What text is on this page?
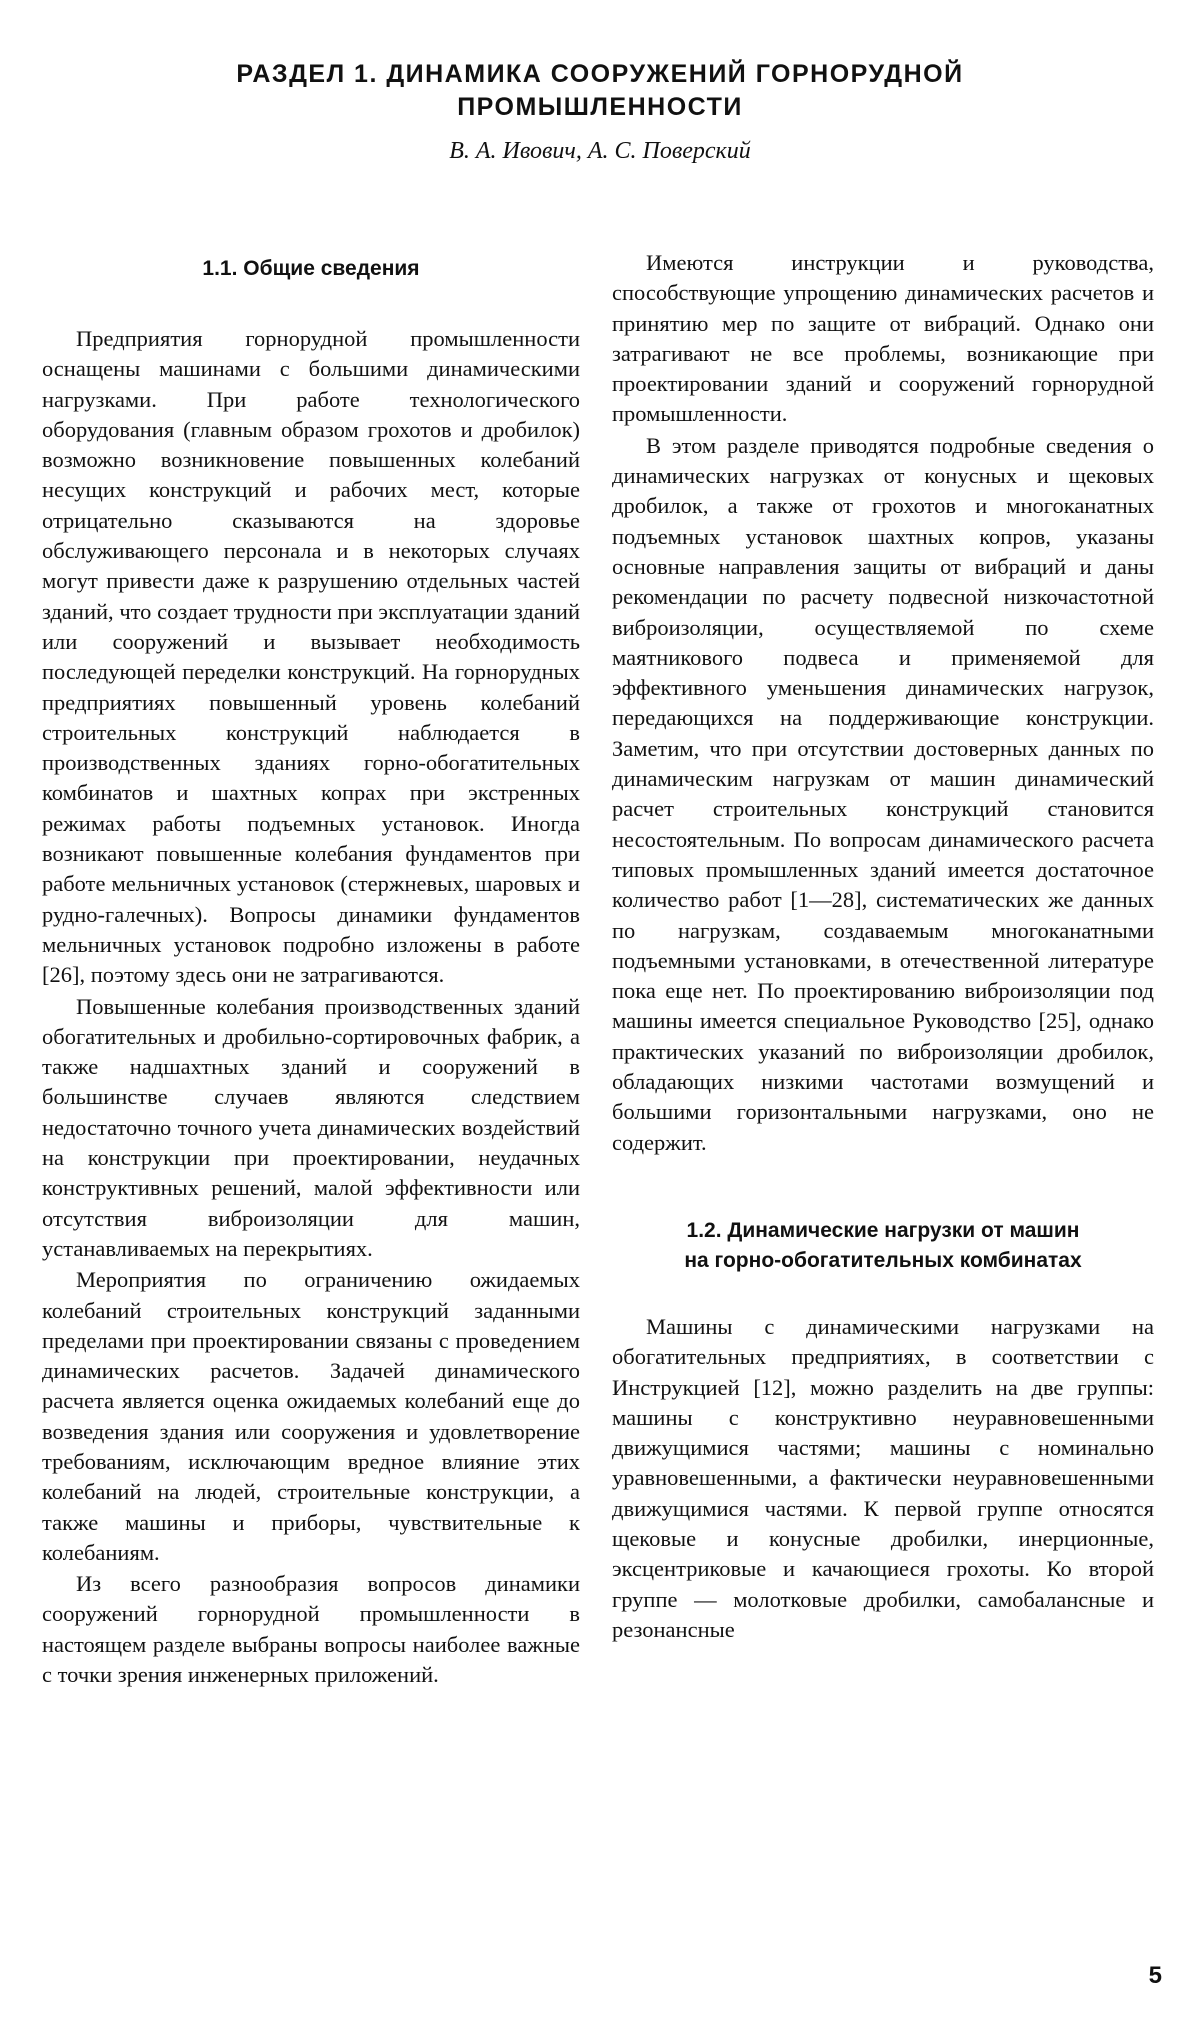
РАЗДЕЛ 1. ДИНАМИКА СООРУЖЕНИЙ ГОРНОРУДНОЙ
ПРОМЫШЛЕННОСТИ
В. А. Ивович, А. С. Поверский
1.1. Общие сведения

Предприятия горнорудной промышленности оснащены машинами с большими динамическими нагрузками. При работе технологического оборудования (главным образом грохотов и дробилок) возможно возникновение повышенных колебаний несущих конструкций и рабочих мест, которые отрицательно сказываются на здоровье обслуживающего персонала и в некоторых случаях могут привести даже к разрушению отдельных частей зданий, что создает трудности при эксплуатации зданий или сооружений и вызывает необходимость последующей переделки конструкций. На горнорудных предприятиях повышенный уровень колебаний строительных конструкций наблюдается в производственных зданиях горно-обогатительных комбинатов и шахтных копрах при экстренных режимах работы подъемных установок. Иногда возникают повышенные колебания фундаментов при работе мельничных установок (стержневых, шаровых и рудно-галечных). Вопросы динамики фундаментов мельничных установок подробно изложены в работе [26], поэтому здесь они не затрагиваются.

Повышенные колебания производственных зданий обогатительных и дробильно-сортировочных фабрик, а также надшахтных зданий и сооружений в большинстве случаев являются следствием недостаточно точного учета динамических воздействий на конструкции при проектировании, неудачных конструктивных решений, малой эффективности или отсутствия виброизоляции для машин, устанавливаемых на перекрытиях.

Мероприятия по ограничению ожидаемых колебаний строительных конструкций заданными пределами при проектировании связаны с проведением динамических расчетов. Задачей динамического расчета является оценка ожидаемых колебаний еще до возведения здания или сооружения и удовлетворение требованиям, исключающим вредное влияние этих колебаний на людей, строительные конструкции, а также машины и приборы, чувствительные к колебаниям.

Из всего разнообразия вопросов динамики сооружений горнорудной промышленности в настоящем разделе выбраны вопросы наиболее важные с точки зрения инженерных приложений.

Имеются инструкции и руководства, способствующие упрощению динамических расчетов и принятию мер по защите от вибраций. Однако они затрагивают не все проблемы, возникающие при проектировании зданий и сооружений горнорудной промышленности.

В этом разделе приводятся подробные сведения о динамических нагрузках от конусных и щековых дробилок, а также от грохотов и многоканатных подъемных установок шахтных копров, указаны основные направления защиты от вибраций и даны рекомендации по расчету подвесной низкочастотной виброизоляции, осуществляемой по схеме маятникового подвеса и применяемой для эффективного уменьшения динамических нагрузок, передающихся на поддерживающие конструкции. Заметим, что при отсутствии достоверных данных по динамическим нагрузкам от машин динамический расчет строительных конструкций становится несостоятельным. По вопросам динамического расчета типовых промышленных зданий имеется достаточное количество работ [1—28], систематических же данных по нагрузкам, создаваемым многоканатными подъемными установками, в отечественной литературе пока еще нет. По проектированию виброизоляции под машины имеется специальное Руководство [25], однако практических указаний по виброизоляции дробилок, обладающих низкими частотами возмущений и большими горизонтальными нагрузками, оно не содержит.

1.2. Динамические нагрузки от машин
на горно-обогатительных комбинатах

Машины с динамическими нагрузками на обогатительных предприятиях, в соответствии с Инструкцией [12], можно разделить на две группы: машины с конструктивно неуравновешенными движущимися частями; машины с номинально уравновешенными, а фактически неуравновешенными движущимися частями. К первой группе относятся щековые и конусные дробилки, инерционные, эксцентриковые и качающиеся грохоты. Ко второй группе — молотковые дробилки, самобалансные и резонансные

5
